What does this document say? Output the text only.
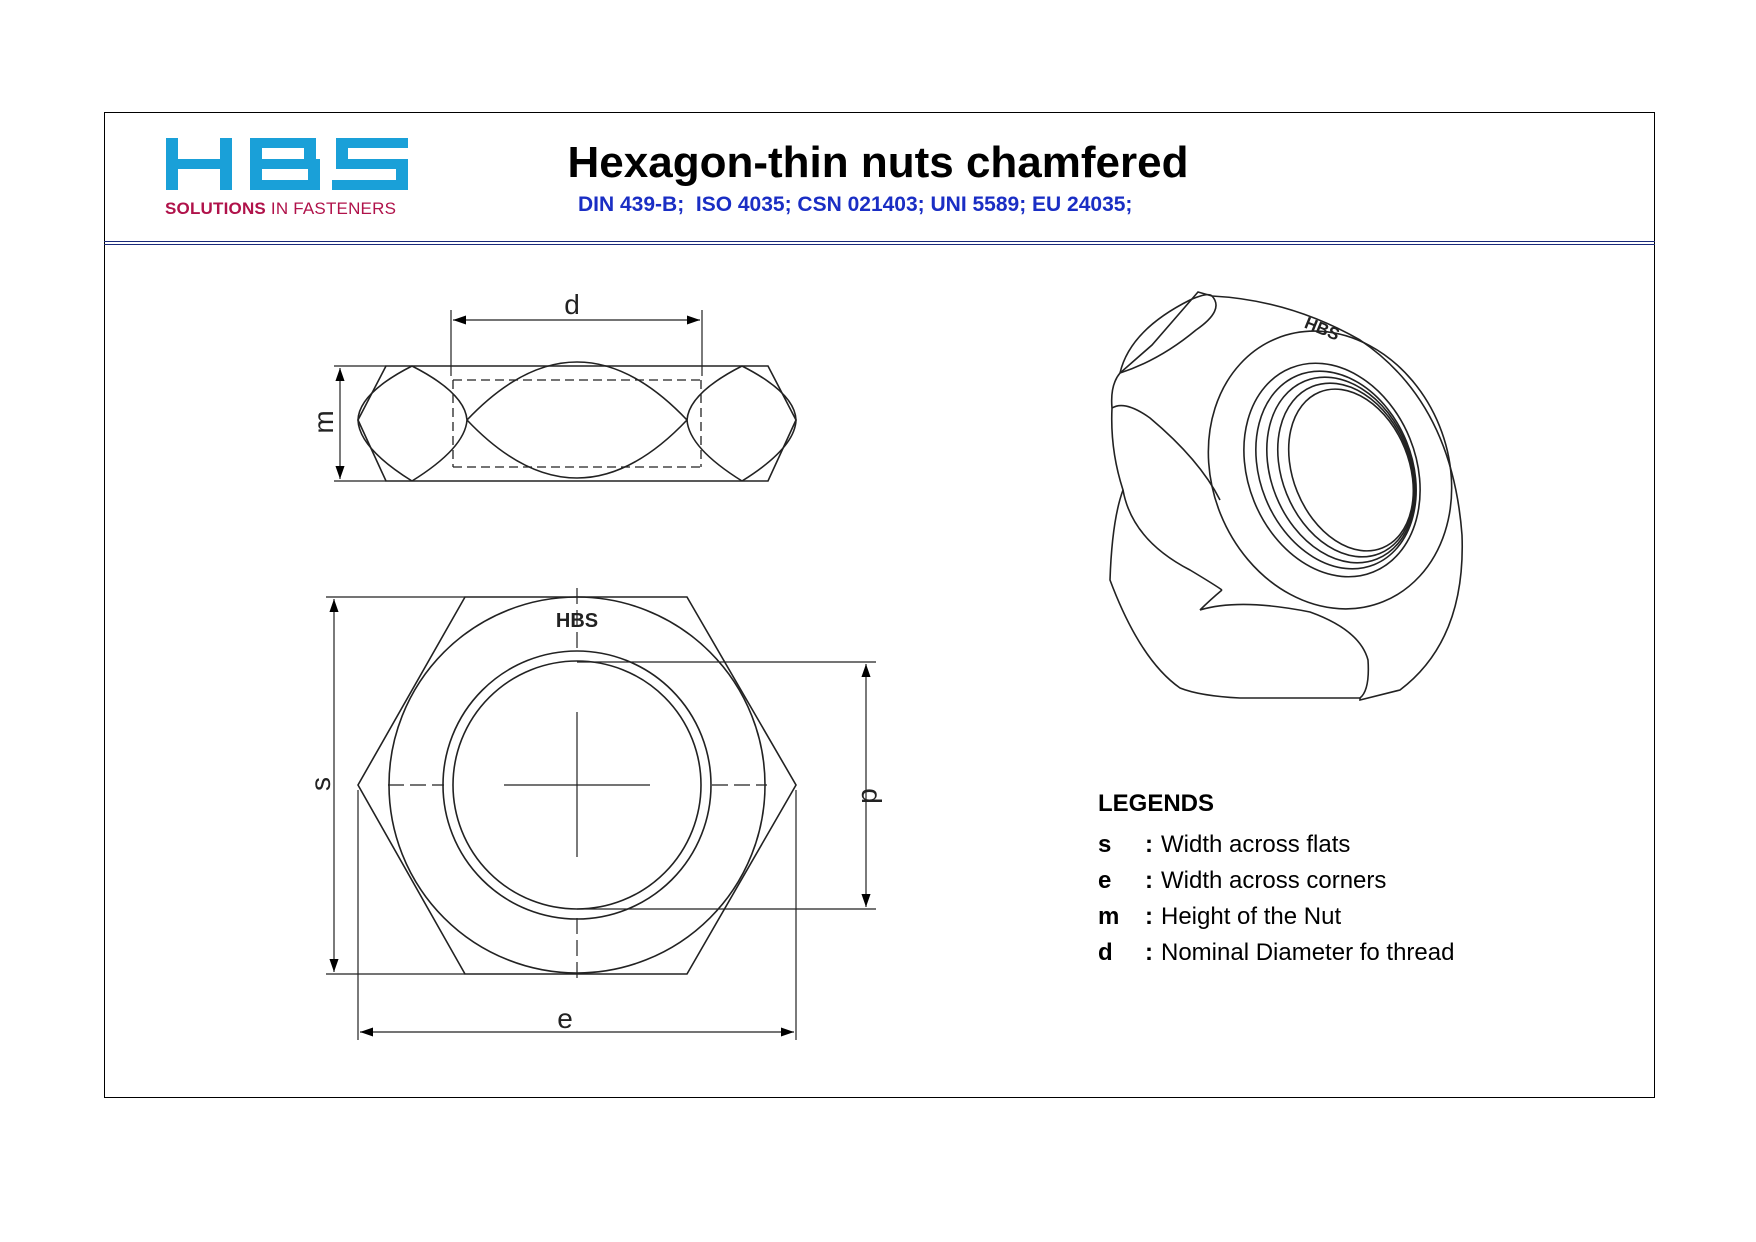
SOLUTIONS IN FASTENERS
Hexagon-thin nuts chamfered
DIN 439-B;  ISO 4035; CSN 021403; UNI 5589; EU 24035;
d
m
HBS
s
d
e
HBS
LEGENDS
s : Width across flats
e : Width across corners
m : Height of the Nut
d : Nominal Diameter fo thread
